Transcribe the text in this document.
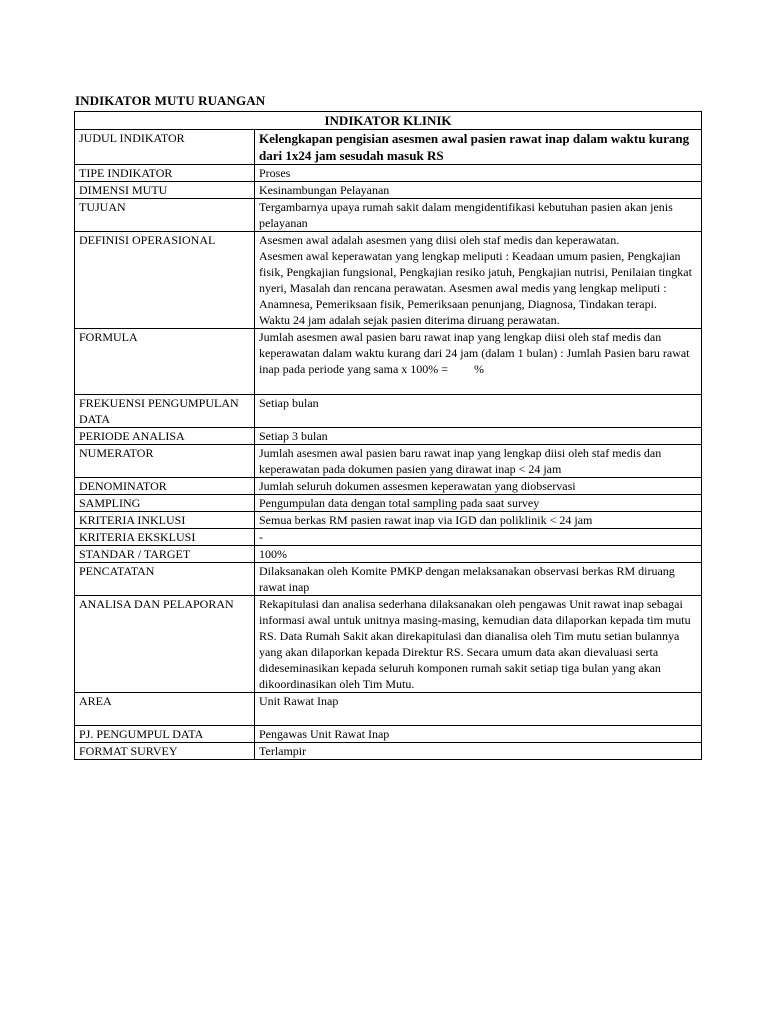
INDIKATOR MUTU RUANGAN
INDIKATOR KLINIK	
JUDUL INDIKATOR	Kelengkapan pengisian asesmen awal pasien rawat inap dalam waktu kurang dari 1x24 jam sesudah masuk RS
TIPE INDIKATOR	Proses
DIMENSI MUTU	Kesinambungan Pelayanan
TUJUAN	Tergambarnya upaya rumah sakit dalam mengidentifikasi kebutuhan pasien akan jenis pelayanan
DEFINISI OPERASIONAL	Asesmen awal adalah asesmen yang diisi oleh staf medis dan keperawatan.
Asesmen awal keperawatan yang lengkap meliputi : Keadaan umum pasien, Pengkajian fisik, Pengkajian fungsional, Pengkajian resiko jatuh, Pengkajian nutrisi, Penilaian tingkat nyeri, Masalah dan rencana perawatan. Asesmen awal medis yang lengkap meliputi : Anamnesa, Pemeriksaan fisik, Pemeriksaan penunjang, Diagnosa, Tindakan terapi.
Waktu 24 jam adalah sejak pasien diterima diruang perawatan.

FORMULA	Jumlah asesmen awal pasien baru rawat inap yang lengkap diisi oleh staf medis dan keperawatan dalam waktu kurang dari 24 jam (dalam 1 bulan) : Jumlah Pasien baru rawat inap pada periode yang sama x 100% = %
FREKUENSI PENGUMPULAN DATA	Setiap bulan
PERIODE ANALISA	Setiap 3 bulan
NUMERATOR	Jumlah asesmen awal pasien baru rawat inap yang lengkap diisi oleh staf medis dan keperawatan pada dokumen pasien yang dirawat inap < 24 jam
DENOMINATOR	Jumlah seluruh dokumen assesmen keperawatan yang diobservasi
SAMPLING	Pengumpulan data dengan total sampling pada saat survey
KRITERIA INKLUSI	Semua berkas RM pasien rawat inap via IGD dan poliklinik < 24 jam
KRITERIA EKSKLUSI	-
STANDAR / TARGET	100%
PENCATATAN	Dilaksanakan oleh Komite PMKP dengan melaksanakan observasi berkas RM diruang rawat inap
ANALISA DAN PELAPORAN	Rekapitulasi dan analisa sederhana dilaksanakan oleh pengawas Unit rawat inap sebagai informasi awal untuk unitnya masing-masing, kemudian data dilaporkan kepada tim mutu RS. Data Rumah Sakit akan direkapitulasi dan dianalisa oleh Tim mutu setian bulannya yang akan dilaporkan kepada Direktur RS. Secara umum data akan dievaluasi serta dideseminasikan kepada seluruh komponen rumah sakit setiap tiga bulan yang akan dikoordinasikan oleh Tim Mutu.
AREA	Unit Rawat Inap
PJ. PENGUMPUL DATA	Pengawas Unit Rawat Inap
FORMAT SURVEY	Terlampir
